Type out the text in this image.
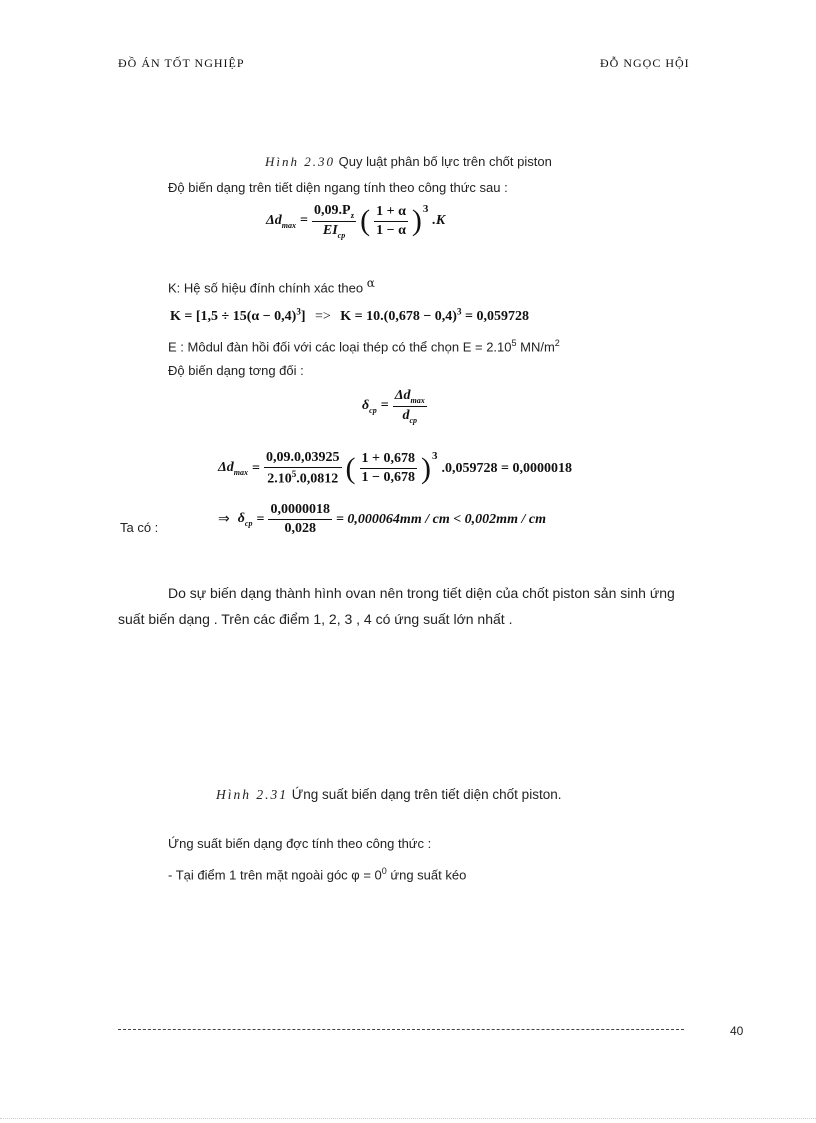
ĐỒ ÁN TỐT NGHIỆP	ĐỖ NGỌC HỘI
Hình 2.30 Quy luật phân bố lực trên chốt piston
Độ biến dạng trên tiết diện ngang tính theo công thức sau :
$\Delta d_{max} = \frac{0,09.P_z}{EI_{cp}}$ ( $\frac{1 + \alpha}{1 - \alpha} )^3$
.K
K: Hệ số hiệu đính chính xác theo $^\alpha$
$K = [1,5 \div 15(\alpha - 0,4)^3] => K = 10.(0,678 - 0,4)^3 = 0,059728$
E : Môdul đàn hồi đối với các loại thép có thể chọn $E = 2.10^5$ $MN/m^2$
Độ biến dạng tơng đối :
$\delta_{cp} = \frac{\Delta d_{max}}{d_{cp}}$
$\Delta d_{max} = \frac{0,09.0,03925}{2.10^5.0,0812}$ ( $\frac{1 + 0,678}{1 - 0,678} )^3$
.0,059728 = 0,0000018
Ta có :
⇒ $\delta_{cp} = \frac{0,0000018}{0,028} = 0,000064mm$ / cm < 0,002mm / cm
Do sự biến dạng thành hình ovan nên trong tiết diện của chốt piston sản sinh ứng
suất biến dạng . Trên các điểm 1, 2, 3 , 4 có ứng suất lớn nhất .
Hình 2.31 Ứng suất biến dạng trên tiết diện chốt piston.
Ứng suất biến dạng đợc tính theo công thức :
- Tại điểm 1 trên mặt ngoài góc $\varphi = 0^0$ ứng suất kéo
40
